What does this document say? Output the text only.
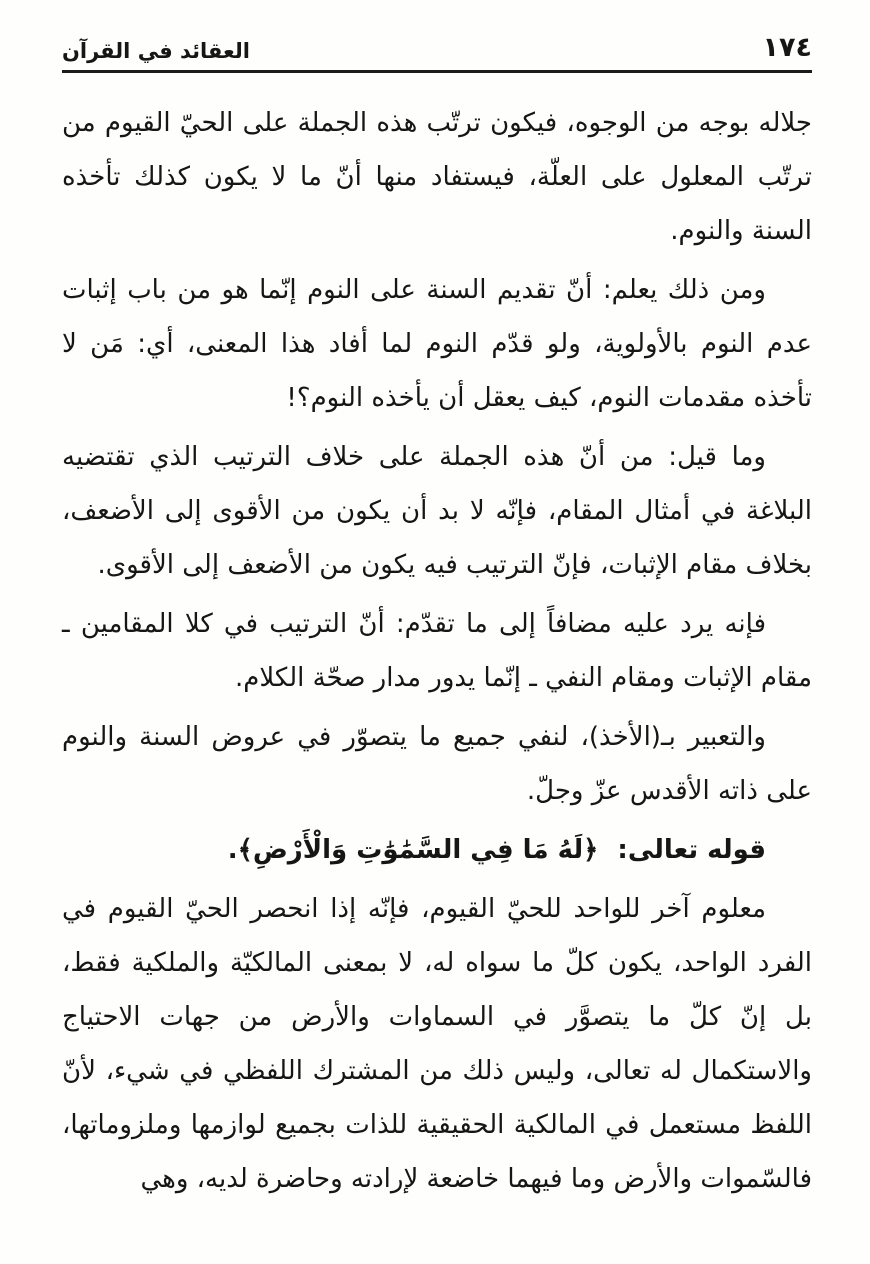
١٧٤
العقائد في القرآن

جلاله بوجه من الوجوه، فيكون ترتّب هذه الجملة على الحيّ القيوم من ترتّب المعلول على العلّة، فيستفاد منها أنّ ما لا يكون كذلك تأخذه السنة والنوم.

ومن ذلك يعلم: أنّ تقديم السنة على النوم إنّما هو من باب إثبات عدم النوم بالأولوية، ولو قدّم النوم لما أفاد هذا المعنى، أي: مَن لا تأخذه مقدمات النوم، كيف يعقل أن يأخذه النوم؟!

وما قيل: من أنّ هذه الجملة على خلاف الترتيب الذي تقتضيه البلاغة في أمثال المقام، فإنّه لا بد أن يكون من الأقوى إلى الأضعف، بخلاف مقام الإثبات، فإنّ الترتيب فيه يكون من الأضعف إلى الأقوى.

فإنه يرد عليه مضافاً إلى ما تقدّم: أنّ الترتيب في كلا المقامين ـ مقام الإثبات ومقام النفي ـ إنّما يدور مدار صحّة الكلام.

والتعبير بـ(الأخذ)، لنفي جميع ما يتصوّر في عروض السنة والنوم على ذاته الأقدس عزّ وجلّ.

قوله تعالى: ﴿لَهُ مَا فِي السَّمَٰوَٰتِ وَالْأَرْضِ﴾.

معلوم آخر للواحد للحيّ القيوم، فإنّه إذا انحصر الحيّ القيوم في الفرد الواحد، يكون كلّ ما سواه له، لا بمعنى المالكيّة والملكية فقط، بل إنّ كلّ ما يتصوَّر في السماوات والأرض من جهات الاحتياج والاستكمال له تعالى، وليس ذلك من المشترك اللفظي في شيء، لأنّ اللفظ مستعمل في المالكية الحقيقية للذات بجميع لوازمها وملزوماتها، فالسّموات والأرض وما فيهما خاضعة لإرادته وحاضرة لديه، وهي
